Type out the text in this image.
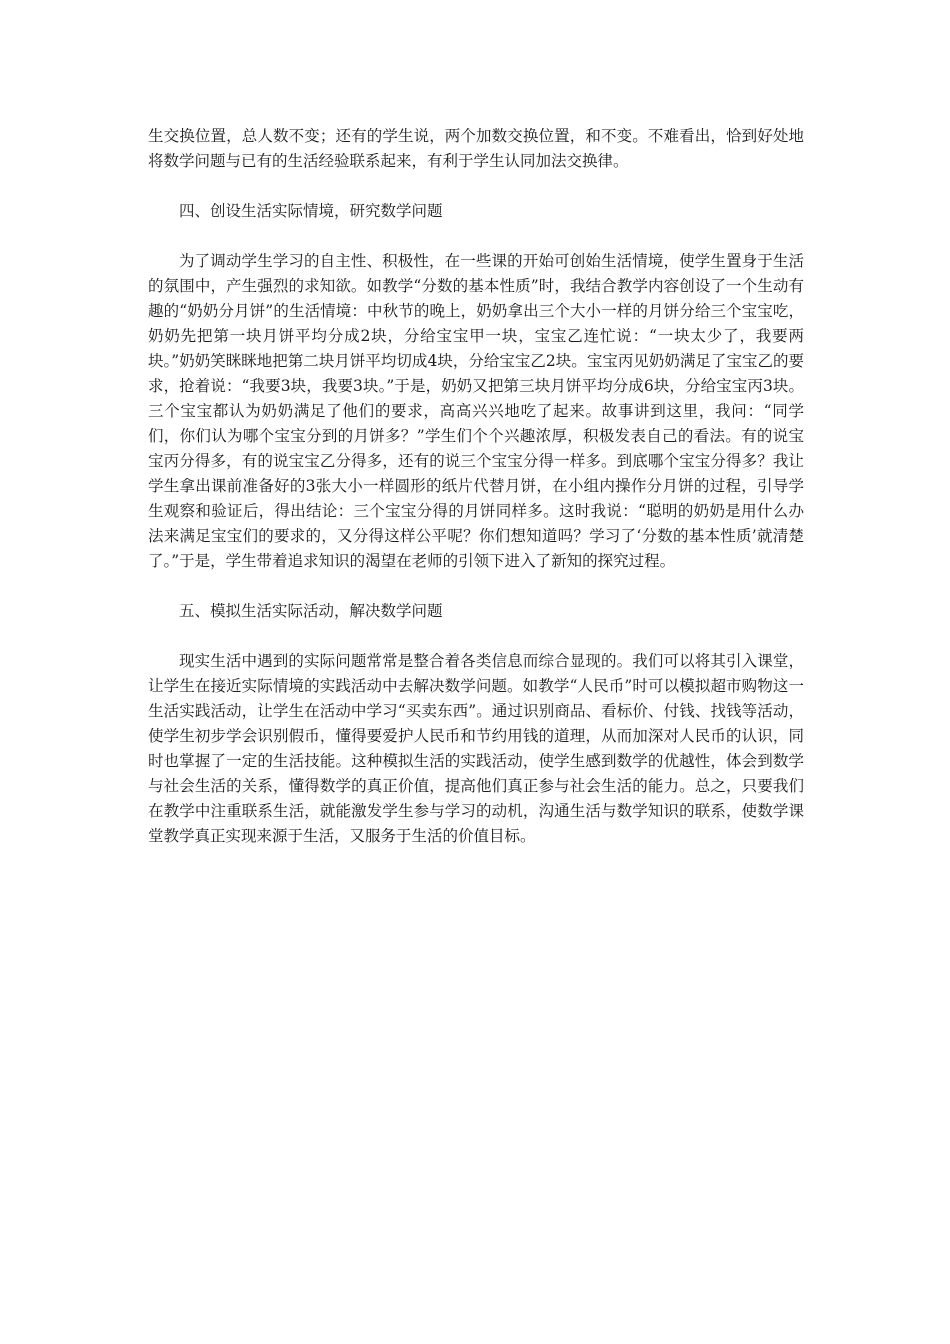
生交换位置，总人数不变；还有的学生说，两个加数交换位置，和不变。不难看出，恰到好处地将数学问题与已有的生活经验联系起来，有利于学生认同加法交换律。

四、创设生活实际情境，研究数学问题

为了调动学生学习的自主性、积极性，在一些课的开始可创始生活情境，使学生置身于生活的氛围中，产生强烈的求知欲。如教学“分数的基本性质”时，我结合教学内容创设了一个生动有趣的“奶奶分月饼”的生活情境：中秋节的晚上，奶奶拿出三个大小一样的月饼分给三个宝宝吃，奶奶先把第一块月饼平均分成2块，分给宝宝甲一块，宝宝乙连忙说：“一块太少了，我要两块。”奶奶笑眯眯地把第二块月饼平均切成4块，分给宝宝乙2块。宝宝丙见奶奶满足了宝宝乙的要求，抢着说：“我要3块，我要3块。”于是，奶奶又把第三块月饼平均分成6块，分给宝宝丙3块。三个宝宝都认为奶奶满足了他们的要求，高高兴兴地吃了起来。故事讲到这里，我问：“同学们，你们认为哪个宝宝分到的月饼多？”学生们个个兴趣浓厚，积极发表自己的看法。有的说宝宝丙分得多，有的说宝宝乙分得多，还有的说三个宝宝分得一样多。到底哪个宝宝分得多？我让学生拿出课前准备好的3张大小一样圆形的纸片代替月饼，在小组内操作分月饼的过程，引导学生观察和验证后，得出结论：三个宝宝分得的月饼同样多。这时我说：“聪明的奶奶是用什么办法来满足宝宝们的要求的，又分得这样公平呢？你们想知道吗？学习了‘分数的基本性质’就清楚了。”于是，学生带着追求知识的渴望在老师的引领下进入了新知的探究过程。

五、模拟生活实际活动，解决数学问题

现实生活中遇到的实际问题常常是整合着各类信息而综合显现的。我们可以将其引入课堂，让学生在接近实际情境的实践活动中去解决数学问题。如教学“人民币”时可以模拟超市购物这一生活实践活动，让学生在活动中学习“买卖东西”。通过识别商品、看标价、付钱、找钱等活动，使学生初步学会识别假币，懂得要爱护人民币和节约用钱的道理，从而加深对人民币的认识，同时也掌握了一定的生活技能。这种模拟生活的实践活动，使学生感到数学的优越性，体会到数学与社会生活的关系，懂得数学的真正价值，提高他们真正参与社会生活的能力。总之，只要我们在教学中注重联系生活，就能激发学生参与学习的动机，沟通生活与数学知识的联系，使数学课堂教学真正实现来源于生活，又服务于生活的价值目标。
